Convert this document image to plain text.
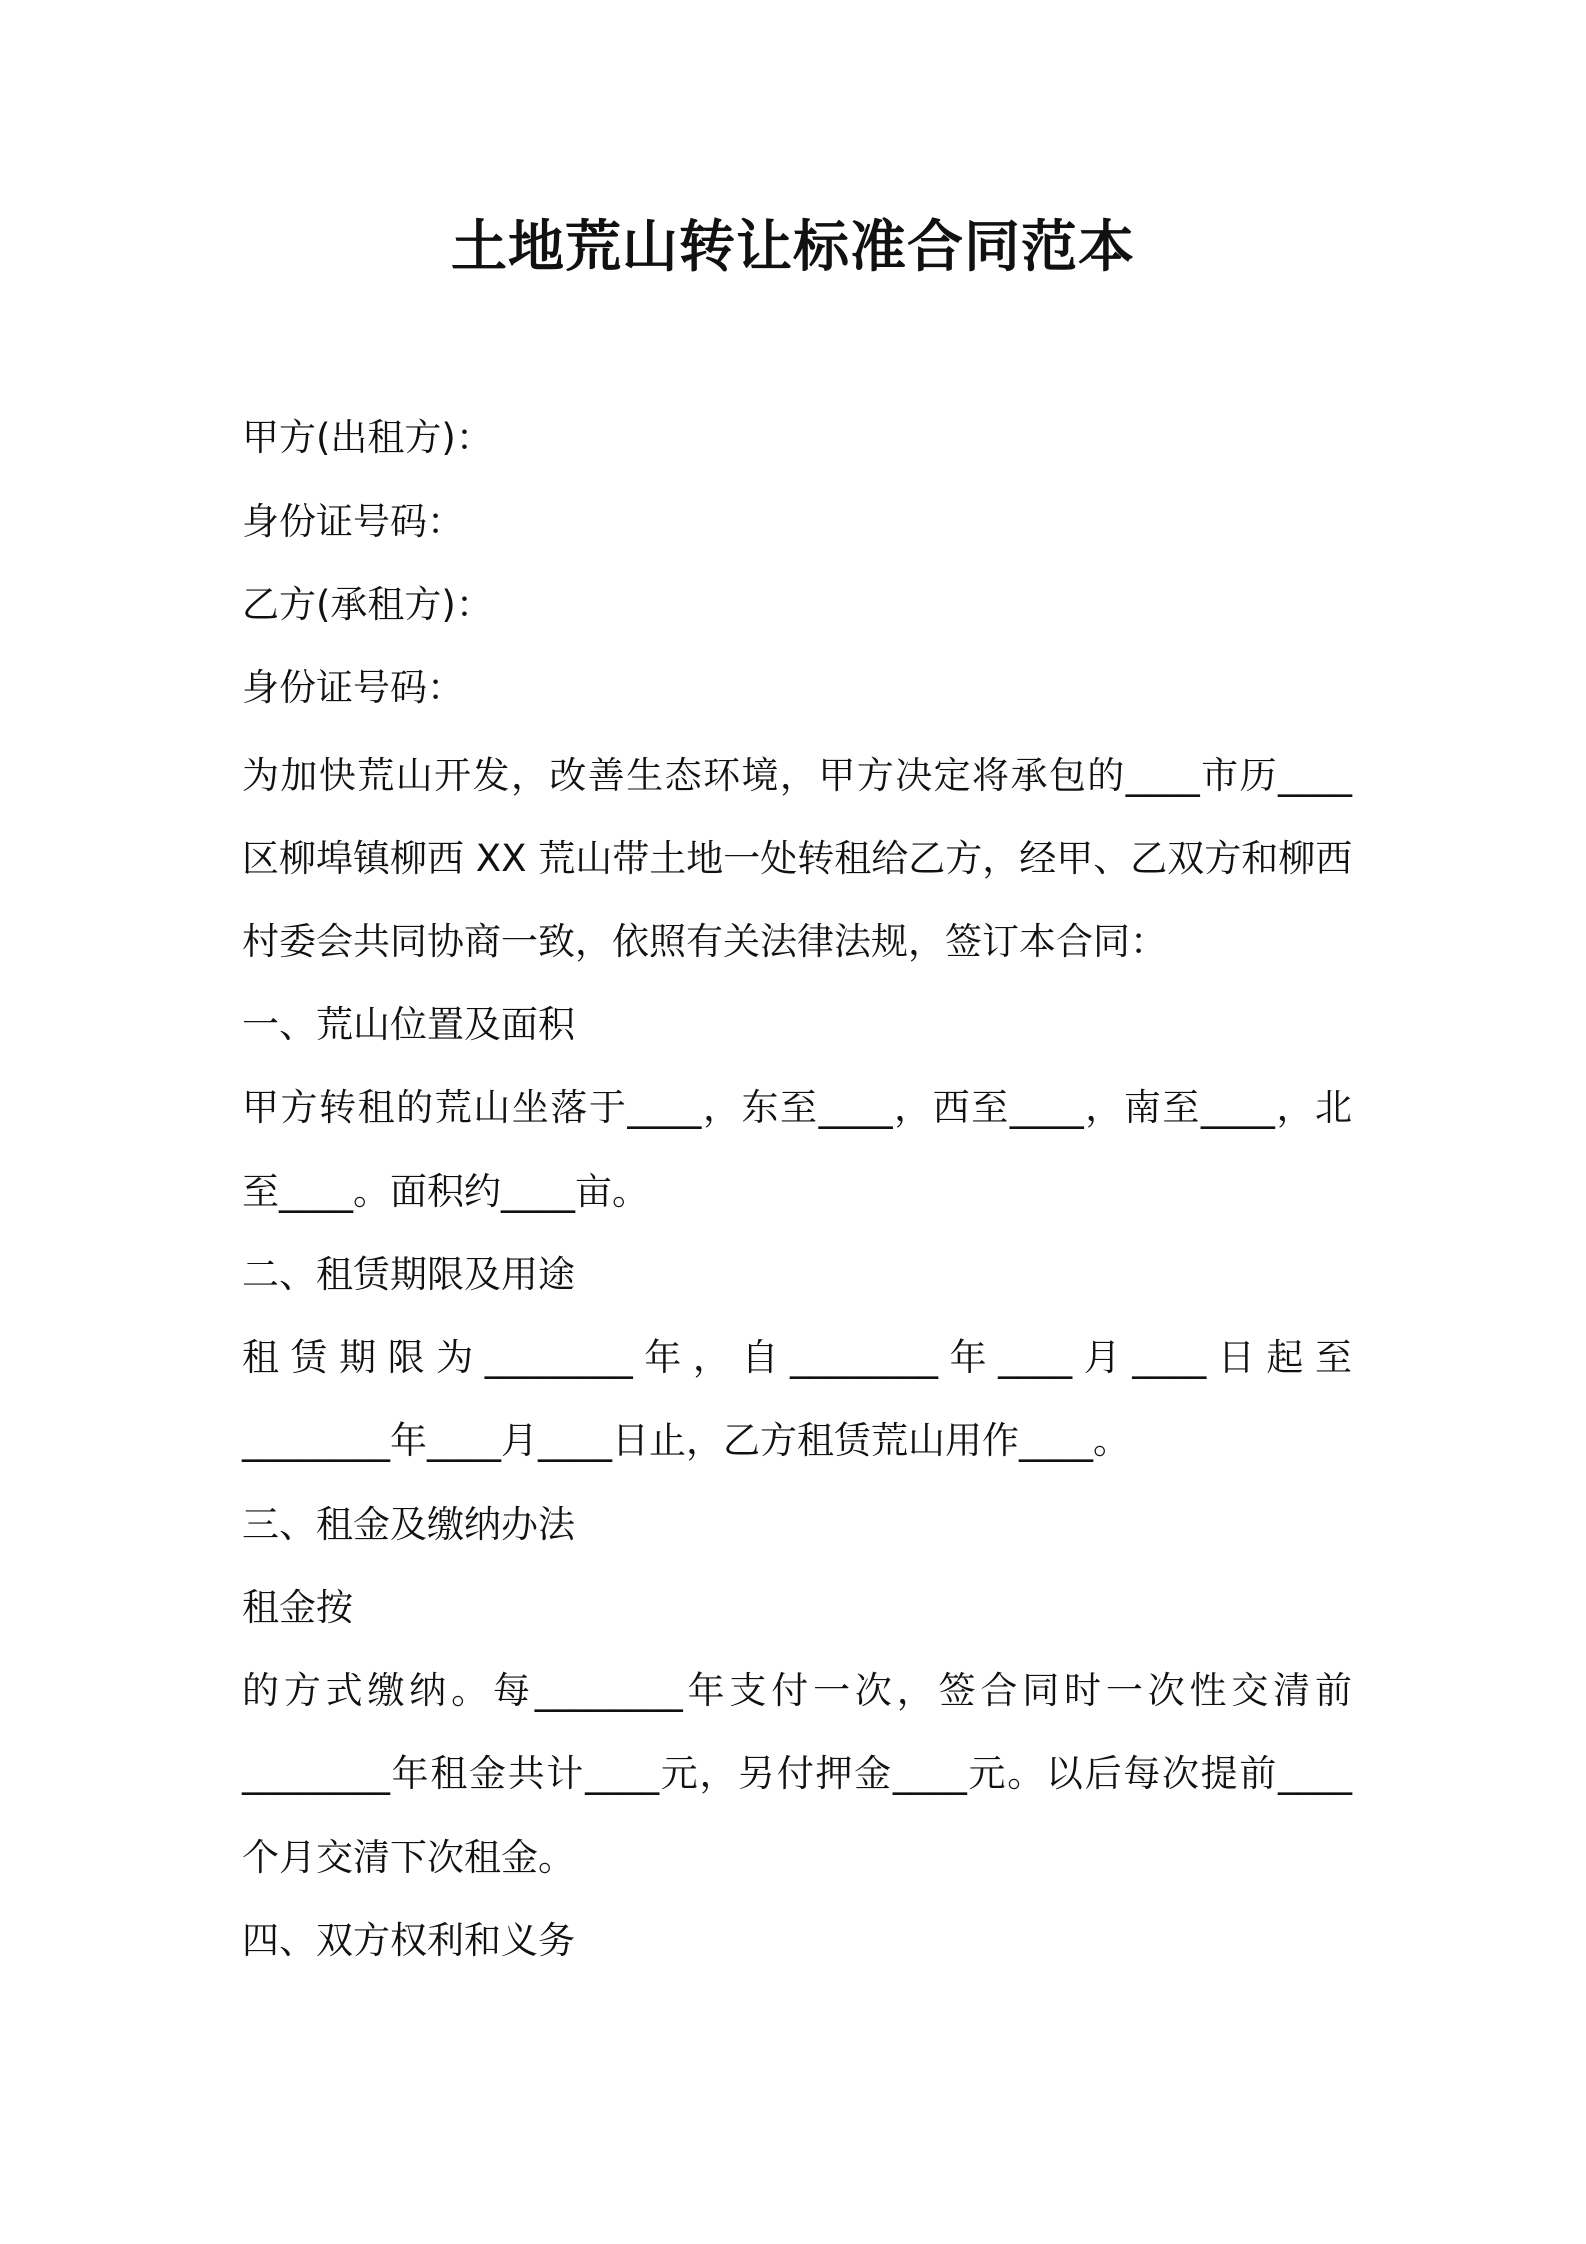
土地荒山转让标准合同范本
甲方(出租方)：
身份证号码：
乙方(承租方)：
身份证号码：
为加快荒山开发，改善生态环境，甲方决定将承包的____市历____
区柳埠镇柳西 XX 荒山带土地一处转租给乙方，经甲、乙双方和柳西
村委会共同协商一致，依照有关法律法规，签订本合同：
一、荒山位置及面积
甲方转租的荒山坐落于____，东至____，西至____，南至____，北
至____。面积约____亩。
二、租赁期限及用途
租赁期限为________年，自________年____月____日起至
________年____月____日止，乙方租赁荒山用作____。
三、租金及缴纳办法
租金按
的方式缴纳。每________年支付一次，签合同时一次性交清前
________年租金共计____元，另付押金____元。以后每次提前____
个月交清下次租金。
四、双方权利和义务
